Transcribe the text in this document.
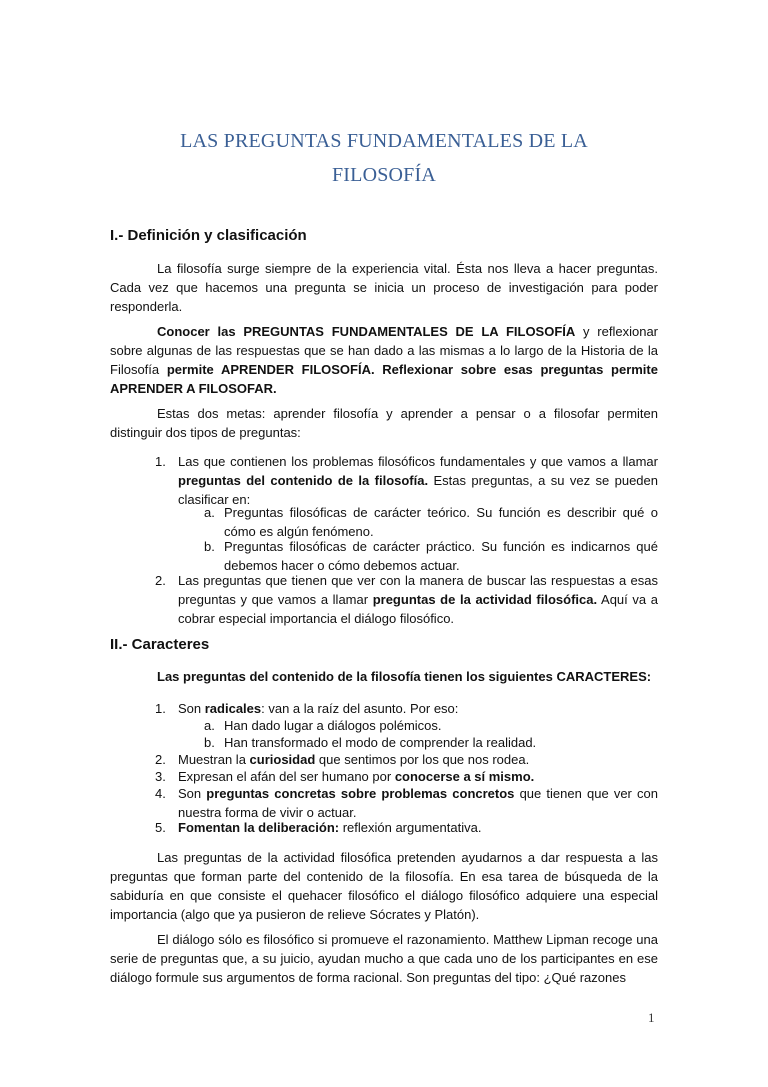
LAS PREGUNTAS FUNDAMENTALES DE LA
FILOSOFÍA
I.- Definición y clasificación

La filosofía surge siempre de la experiencia vital. Ésta nos lleva a hacer preguntas. Cada vez que hacemos una pregunta se inicia un proceso de investigación para poder responderla.

Conocer las PREGUNTAS FUNDAMENTALES DE LA FILOSOFÍA y reflexionar sobre algunas de las respuestas que se han dado a las mismas a lo largo de la Historia de la Filosofía permite APRENDER FILOSOFÍA. Reflexionar sobre esas preguntas permite APRENDER A FILOSOFAR.

Estas dos metas: aprender filosofía y aprender a pensar o a filosofar permiten distinguir dos tipos de preguntas:

1. Las que contienen los problemas filosóficos fundamentales y que vamos a llamar preguntas del contenido de la filosofía. Estas preguntas, a su vez se pueden clasificar en:
a. Preguntas filosóficas de carácter teórico. Su función es describir qué o cómo es algún fenómeno.
b. Preguntas filosóficas de carácter práctico. Su función es indicarnos qué debemos hacer o cómo debemos actuar.
2. Las preguntas que tienen que ver con la manera de buscar las respuestas a esas preguntas y que vamos a llamar preguntas de la actividad filosófica. Aquí va a cobrar especial importancia el diálogo filosófico.
II.- Caracteres
Las preguntas del contenido de la filosofía tienen los siguientes CARACTERES:
1. Son radicales: van a la raíz del asunto. Por eso:
a. Han dado lugar a diálogos polémicos.
b. Han transformado el modo de comprender la realidad.
2. Muestran la curiosidad que sentimos por los que nos rodea.
3. Expresan el afán del ser humano por conocerse a sí mismo.
4. Son preguntas concretas sobre problemas concretos que tienen que ver con nuestra forma de vivir o actuar.
5. Fomentan la deliberación: reflexión argumentativa.

Las preguntas de la actividad filosófica pretenden ayudarnos a dar respuesta a las preguntas que forman parte del contenido de la filosofía. En esa tarea de búsqueda de la sabiduría en que consiste el quehacer filosófico el diálogo filosófico adquiere una especial importancia (algo que ya pusieron de relieve Sócrates y Platón).

El diálogo sólo es filosófico si promueve el razonamiento. Matthew Lipman recoge una serie de preguntas que, a su juicio, ayudan mucho a que cada uno de los participantes en ese diálogo formule sus argumentos de forma racional. Son preguntas del tipo: ¿Qué razones

1
